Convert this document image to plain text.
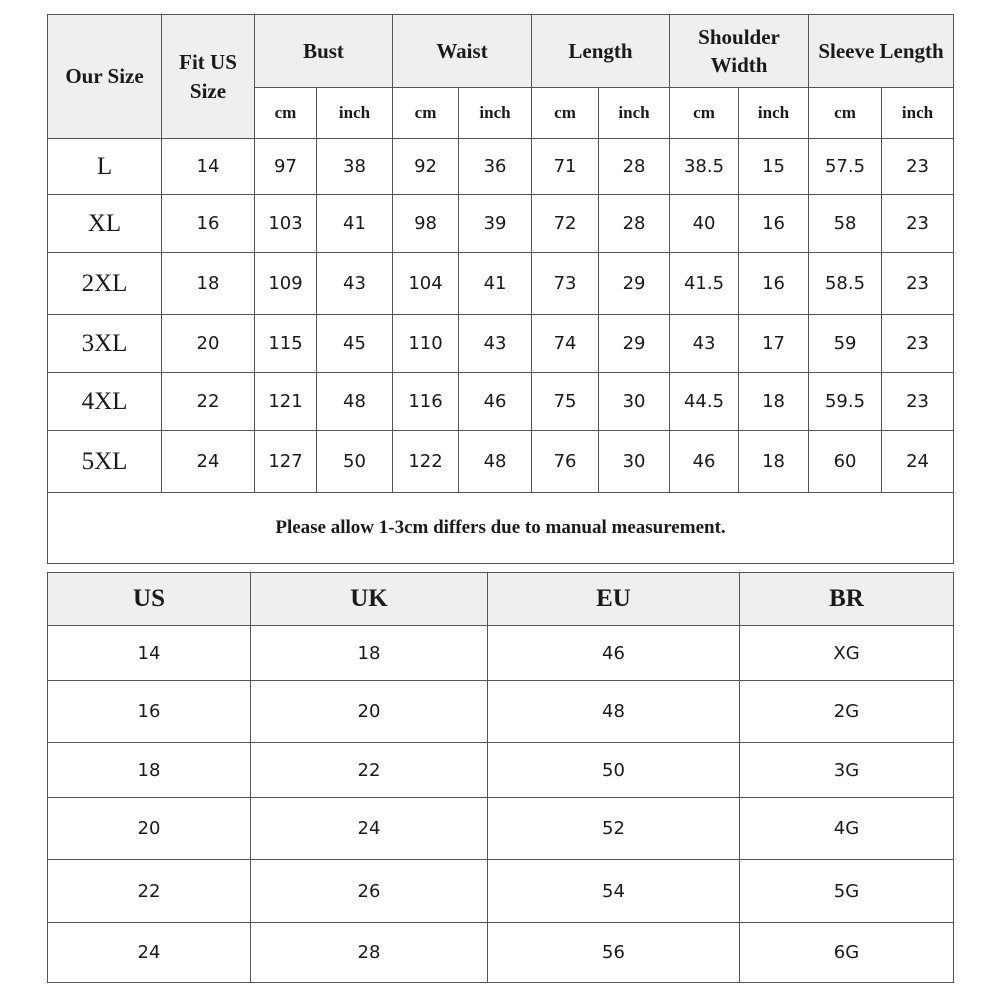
Our Size	Fit US Size	Bust		Waist		Length		Shoulder Width		Sleeve Length	
		cm	inch	cm	inch	cm	inch	cm	inch	cm	inch
L	14	97	38	92	36	71	28	38.5	15	57.5	23
XL	16	103	41	98	39	72	28	40	16	58	23
2XL	18	109	43	104	41	73	29	41.5	16	58.5	23
3XL	20	115	45	110	43	74	29	43	17	59	23
4XL	22	121	48	116	46	75	30	44.5	18	59.5	23
5XL	24	127	50	122	48	76	30	46	18	60	24
Please allow 1-3cm differs due to manual measurement.											
US	UK	EU	BR
14	18	46	XG
16	20	48	2G
18	22	50	3G
20	24	52	4G
22	26	54	5G
24	28	56	6G
